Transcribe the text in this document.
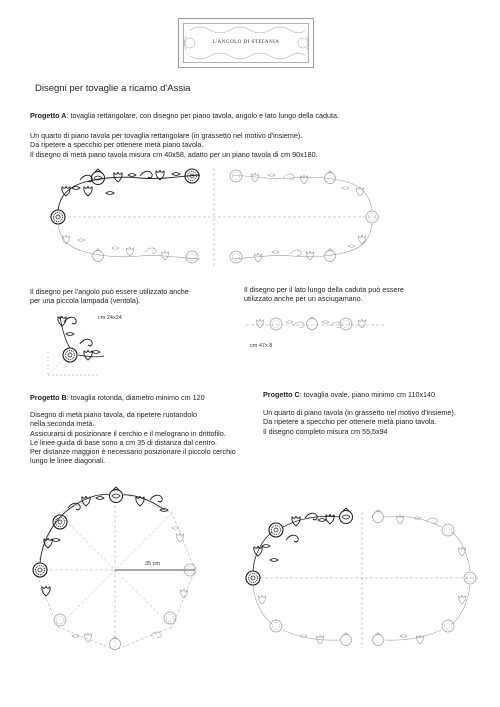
L'ANGOLO DI STEFANIA
Disegni per tovaglie a ricamo d'Assia
Progetto A: tovaglia rettangolare, con disegno per piano tavola, angolo e lato lungo della caduta.
Un quarto di piano tavola per tovaglia rettangolare (in grassetto nel motivo d'insieme).
Da ripetere a specchio per ottenere metà piano tavola.
Il disegno di metà piano tavola misura cm 40x58, adatto per un piano tavola di cm 90x180.
Il disegno per l'angolo può essere utilizzato anche
per una piccola lampada (ventola).
cm 24x24
Il disegno per il lato lungo della caduta può essere
utilizzato anche per un asciugamano.
cm 47x 8
Progetto B: tovaglia rotonda, diametro minimo cm 120
Disegno di metà piano tavola, da ripetere ruotandolo
nella seconda metà.
Assicurarsi di posizionare il cerchio e il melograno in drittofilo.
Le linee guida di base sono a cm 35 di distanza dal centro.
Per distanze maggiori è necessario posizionare il piccolo cerchio
lungo le linee diagonali.
35 cm
Progetto C: tovaglia ovale, piano minimo cm 110x140
Un quarto di piano tavola (in grassetto nel motivo d'insieme).
Da ripetere a specchio per ottenere metà piano tavola.
Il disegno completo misura cm 55,5x94
